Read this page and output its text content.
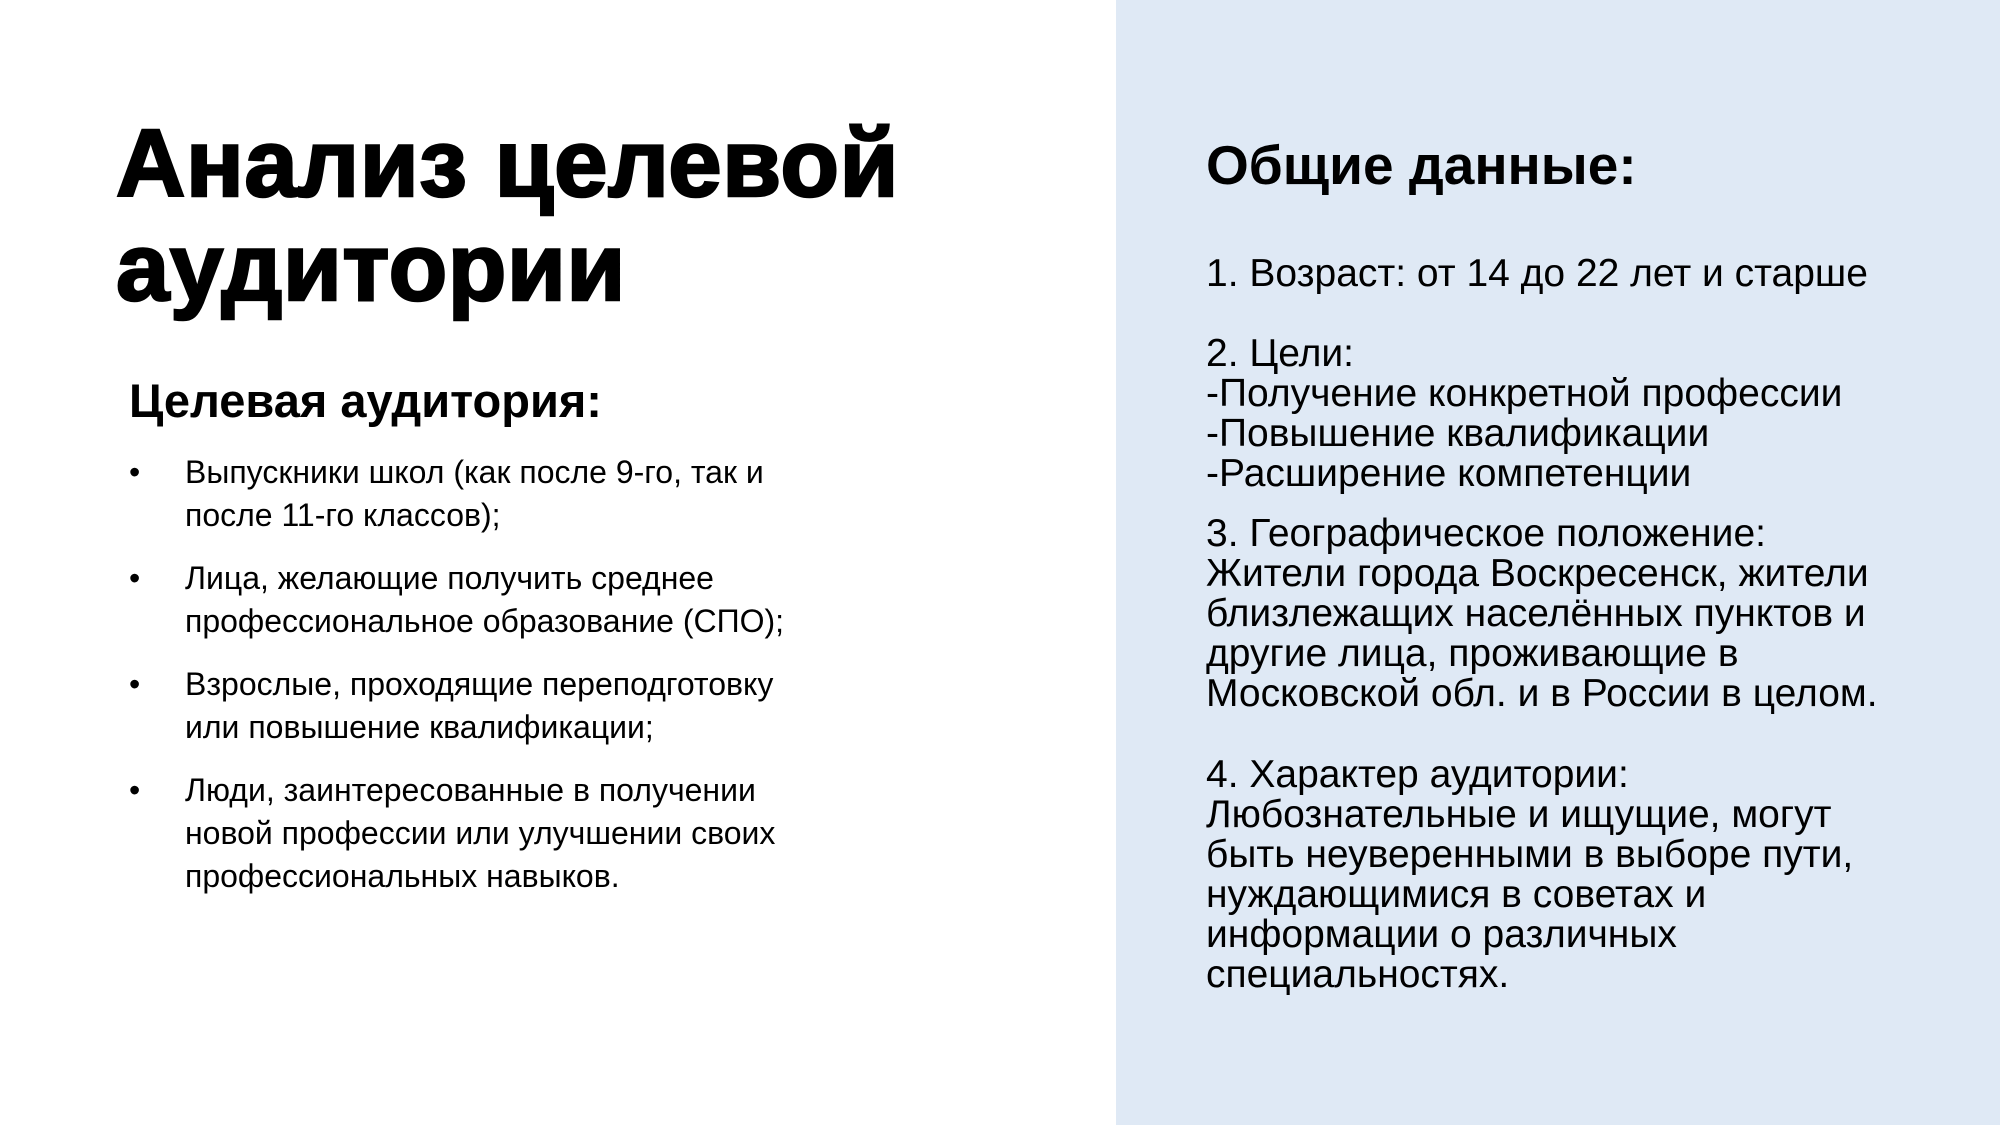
Анализ целевой
аудитории
Целевая аудитория:
• Выпускники школ (как после 9-го, так и
после 11-го классов);
• Лица, желающие получить среднее
профессиональное образование (СПО);
• Взрослые, проходящие переподготовку
или повышение квалификации;
• Люди, заинтересованные в получении
новой профессии или улучшении своих
профессиональных навыков.
Общие данные:
1. Возраст: от 14 до 22 лет и старше
2. Цели:
-Получение конкретной профессии
-Повышение квалификации
-Расширение компетенции
3. Географическое положение:
Жители города Воскресенск, жители
близлежащих населённых пунктов и
другие лица, проживающие в
Московской обл. и в России в целом.
4. Характер аудитории:
Любознательные и ищущие, могут
быть неуверенными в выборе пути,
нуждающимися в советах и
информации о различных
специальностях.
